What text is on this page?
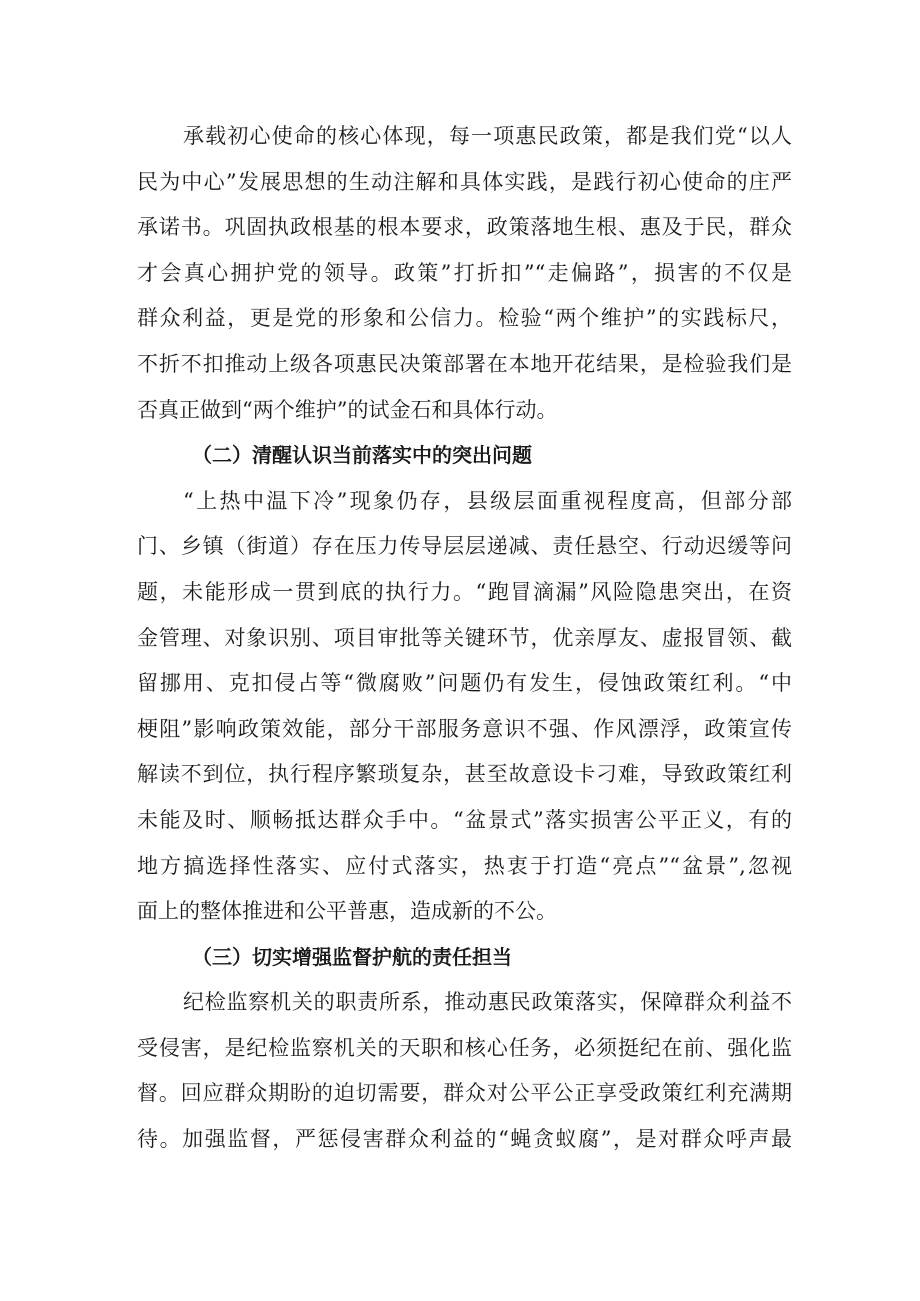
承载初心使命的核心体现，每一项惠民政策，都是我们党“以人
民为中心”发展思想的生动注解和具体实践，是践行初心使命的庄严
承诺书。巩固执政根基的根本要求，政策落地生根、惠及于民，群众
才会真心拥护党的领导。政策”打折扣”“走偏路”，损害的不仅是
群众利益，更是党的形象和公信力。检验“两个维护”的实践标尺，
不折不扣推动上级各项惠民决策部署在本地开花结果，是检验我们是
否真正做到“两个维护”的试金石和具体行动。
（二）清醒认识当前落实中的突出问题
“上热中温下冷”现象仍存，县级层面重视程度高，但部分部
门、乡镇（街道）存在压力传导层层递减、责任悬空、行动迟缓等问
题，未能形成一贯到底的执行力。“跑冒滴漏”风险隐患突出，在资
金管理、对象识别、项目审批等关键环节，优亲厚友、虚报冒领、截
留挪用、克扣侵占等“微腐败”问题仍有发生，侵蚀政策红利。“中
梗阻”影响政策效能，部分干部服务意识不强、作风漂浮，政策宣传
解读不到位，执行程序繁琐复杂，甚至故意设卡刁难，导致政策红利
未能及时、顺畅抵达群众手中。“盆景式”落实损害公平正义，有的
地方搞选择性落实、应付式落实，热衷于打造“亮点”“盆景”,忽视
面上的整体推进和公平普惠，造成新的不公。
（三）切实增强监督护航的责任担当
纪检监察机关的职责所系，推动惠民政策落实，保障群众利益不
受侵害，是纪检监察机关的天职和核心任务，必须挺纪在前、强化监
督。回应群众期盼的迫切需要，群众对公平公正享受政策红利充满期
待。加强监督，严惩侵害群众利益的“蝇贪蚁腐”，是对群众呼声最
